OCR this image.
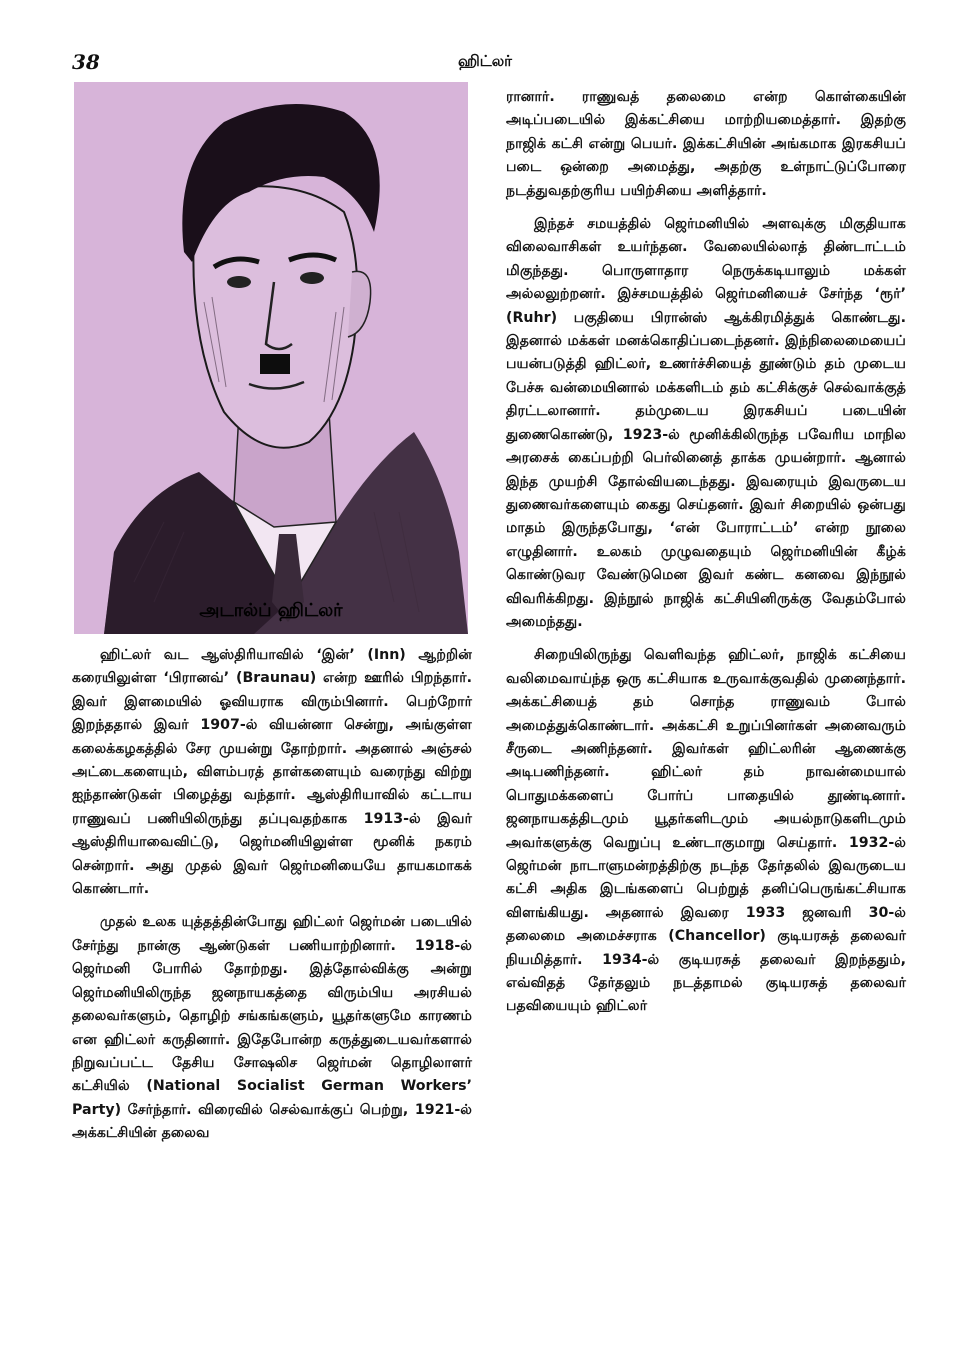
38	ஹிட்லர்
அடால்ப் ஹிட்லர்

ஹிட்லர் வட ஆஸ்திரியாவில் ‘இன்’ (Inn) ஆற்றின் கரையிலுள்ள ‘பிரானவ்’ (Braunau) என்ற ஊரில் பிறந்தார். இவர் இளமையில் ஓவியராக விரும்பினார். பெற்றோர் இறந்ததால் இவர் 1907-ல் வியன்னா சென்று, அங்குள்ள கலைக்கழகத்தில் சேர முயன்று தோற்றார். அதனால் அஞ்சல் அட்டைகளையும், விளம்பரத் தாள்களையும் வரைந்து விற்று ஐந்தாண்டுகள் பிழைத்து வந்தார். ஆஸ்திரியாவில் கட்டாய ராணுவப் பணியிலிருந்து தப்புவதற்காக 1913-ல் இவர் ஆஸ்திரியாவைவிட்டு, ஜெர்மனியிலுள்ள மூனிக் நகரம் சென்றார். அது முதல் இவர் ஜெர்மனியையே தாயகமாகக் கொண்டார்.

முதல் உலக யுத்தத்தின்போது ஹிட்லர் ஜெர்மன் படையில் சேர்ந்து நான்கு ஆண்டுகள் பணியாற்றினார். 1918-ல் ஜெர்மனி போரில் தோற்றது. இத்தோல்விக்கு அன்று ஜெர்மனியிலிருந்த ஜனநாயகத்தை விரும்பிய அரசியல் தலைவர்களும், தொழிற் சங்கங்களும், யூதர்களுமே காரணம் என ஹிட்லர் கருதினார். இதேபோன்ற கருத்துடையவர்களால் நிறுவப்பட்ட தேசிய சோஷலிச ஜெர்மன் தொழிலாளர் கட்சியில் (National Socialist German Workers’ Party) சேர்ந்தார். விரைவில் செல்வாக்குப் பெற்று, 1921-ல் அக்கட்சியின் தலைவ

ரானார். ராணுவத் தலைமை என்ற கொள்கையின் அடிப்படையில் இக்கட்சியை மாற்றியமைத்தார். இதற்கு நாஜிக் கட்சி என்று பெயர். இக்கட்சியின் அங்கமாக இரகசியப் படை ஒன்றை அமைத்து, அதற்கு உள்நாட்டுப்போரை நடத்துவதற்குரிய பயிற்சியை அளித்தார்.

இந்தச் சமயத்தில் ஜெர்மனியில் அளவுக்கு மிகுதியாக விலைவாசிகள் உயர்ந்தன. வேலையில்லாத் திண்டாட்டம் மிகுந்தது. பொருளாதார நெருக்கடியாலும் மக்கள் அல்லலுற்றனர். இச்சமயத்தில் ஜெர்மனியைச் சேர்ந்த ‘ரூர்’ (Ruhr) பகுதியை பிரான்ஸ் ஆக்கிரமித்துக் கொண்டது. இதனால் மக்கள் மனக்கொதிப்படைந்தனர். இந்நிலைமையைப் பயன்படுத்தி ஹிட்லர், உணர்ச்சியைத் தூண்டும் தம் முடைய பேச்சு வன்மையினால் மக்களிடம் தம் கட்சிக்குச் செல்வாக்குத் திரட்டலானார். தம்முடைய இரகசியப் படையின் துணைகொண்டு, 1923-ல் மூனிக்கிலிருந்த பவேரிய மாநில அரசைக் கைப்பற்றி பெர்லினைத் தாக்க முயன்றார். ஆனால் இந்த முயற்சி தோல்வியடைந்தது. இவரையும் இவருடைய துணைவர்களையும் கைது செய்தனர். இவர் சிறையில் ஒன்பது மாதம் இருந்தபோது, ‘என் போராட்டம்’ என்ற நூலை எழுதினார். உலகம் முழுவதையும் ஜெர்மனியின் கீழ்க் கொண்டுவர வேண்டுமென இவர் கண்ட கனவை இந்நூல் விவரிக்கிறது. இந்நூல் நாஜிக் கட்சியினிருக்கு வேதம்போல் அமைந்தது.

சிறையிலிருந்து வெளிவந்த ஹிட்லர், நாஜிக் கட்சியை வலிமைவாய்ந்த ஒரு கட்சியாக உருவாக்குவதில் முனைந்தார். அக்கட்சியைத் தம் சொந்த ராணுவம் போல் அமைத்துக்கொண்டார். அக்கட்சி உறுப்பினர்கள் அனைவரும் சீருடை அணிந்தனர். இவர்கள் ஹிட்லரின் ஆணைக்கு அடிபணிந்தனர். ஹிட்லர் தம் நாவன்மையால் பொதுமக்களைப் போர்ப் பாதையில் தூண்டினார். ஜனநாயகத்திடமும் யூதர்களிடமும் அயல்நாடுகளிடமும் அவர்களுக்கு வெறுப்பு உண்டாகுமாறு செய்தார். 1932-ல் ஜெர்மன் நாடாளுமன்றத்திற்கு நடந்த தேர்தலில் இவருடைய கட்சி அதிக இடங்களைப் பெற்றுத் தனிப்பெருங்கட்சியாக விளங்கியது. அதனால் இவரை 1933 ஜனவரி 30-ல் தலைமை அமைச்சராக (Chancellor) குடியரசுத் தலைவர் நியமித்தார். 1934-ல் குடியரசுத் தலைவர் இறந்ததும், எவ்விதத் தேர்தலும் நடத்தாமல் குடியரசுத் தலைவர் பதவியையும் ஹிட்லர்
